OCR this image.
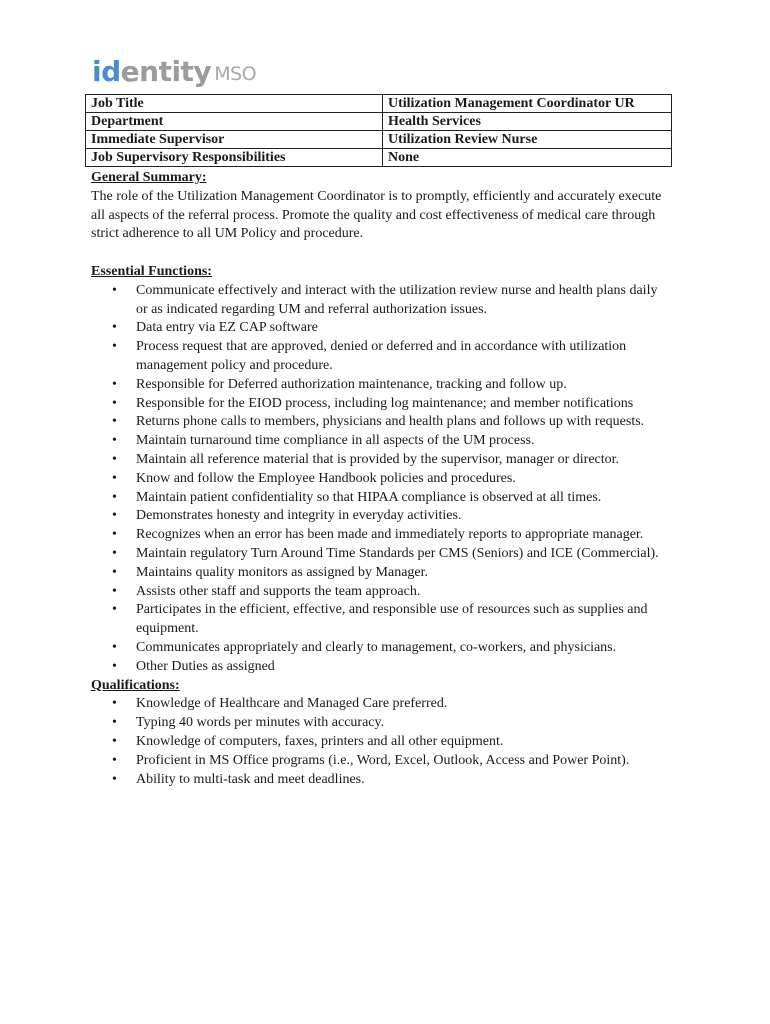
identity MSO
Job Title	Utilization Management Coordinator UR
Department	Health Services
Immediate Supervisor	Utilization Review Nurse
Job Supervisory Responsibilities	None

General Summary:

The role of the Utilization Management Coordinator is to promptly, efficiently and accurately execute all aspects of the referral process. Promote the quality and cost effectiveness of medical care through strict adherence to all UM Policy and procedure.

Essential Functions:

•	Communicate effectively and interact with the utilization review nurse and health plans daily or as indicated regarding UM and referral authorization issues.
•	Data entry via EZ CAP software
•	Process request that are approved, denied or deferred and in accordance with utilization management policy and procedure.
•	Responsible for Deferred authorization maintenance, tracking and follow up.
•	Responsible for the EIOD process, including log maintenance; and member notifications
•	Returns phone calls to members, physicians and health plans and follows up with requests.
•	Maintain turnaround time compliance in all aspects of the UM process.
•	Maintain all reference material that is provided by the supervisor, manager or director.
•	Know and follow the Employee Handbook policies and procedures.
•	Maintain patient confidentiality so that HIPAA compliance is observed at all times.
•	Demonstrates honesty and integrity in everyday activities.
•	Recognizes when an error has been made and immediately reports to appropriate manager.
•	Maintain regulatory Turn Around Time Standards per CMS (Seniors) and ICE (Commercial).
•	Maintains quality monitors as assigned by Manager.
•	Assists other staff and supports the team approach.
•	Participates in the efficient, effective, and responsible use of resources such as supplies and equipment.
•	Communicates appropriately and clearly to management, co-workers, and physicians.
•	Other Duties as assigned

Qualifications:

•	Knowledge of Healthcare and Managed Care preferred.
•	Typing 40 words per minutes with accuracy.
•	Knowledge of computers, faxes, printers and all other equipment.
•	Proficient in MS Office programs (i.e., Word, Excel, Outlook, Access and Power Point).
•	Ability to multi-task and meet deadlines.
